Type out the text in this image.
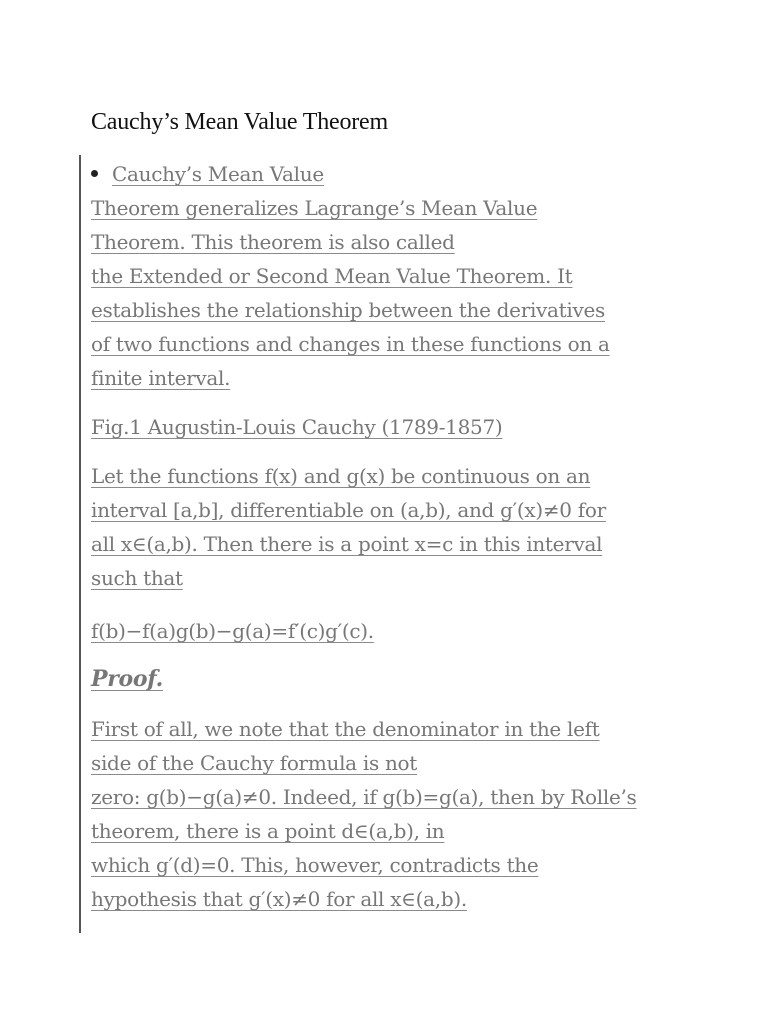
Cauchy’s Mean Value Theorem
Cauchy’s Mean Value
Theorem generalizes Lagrange’s Mean Value
Theorem. This theorem is also called
the Extended or Second Mean Value Theorem. It
establishes the relationship between the derivatives
of two functions and changes in these functions on a
finite interval.
Fig.1 Augustin-Louis Cauchy (1789-1857)
Let the functions f(x) and g(x) be continuous on an
interval [a,b], differentiable on (a,b), and g′(x)≠0 for
all x∈(a,b). Then there is a point x=c in this interval
such that
f(b)−f(a)g(b)−g(a)=f′(c)g′(c).
Proof.
First of all, we note that the denominator in the left
side of the Cauchy formula is not
zero: g(b)−g(a)≠0. Indeed, if g(b)=g(a), then by Rolle’s
theorem, there is a point d∈(a,b), in
which g′(d)=0. This, however, contradicts the
hypothesis that g′(x)≠0 for all x∈(a,b).
